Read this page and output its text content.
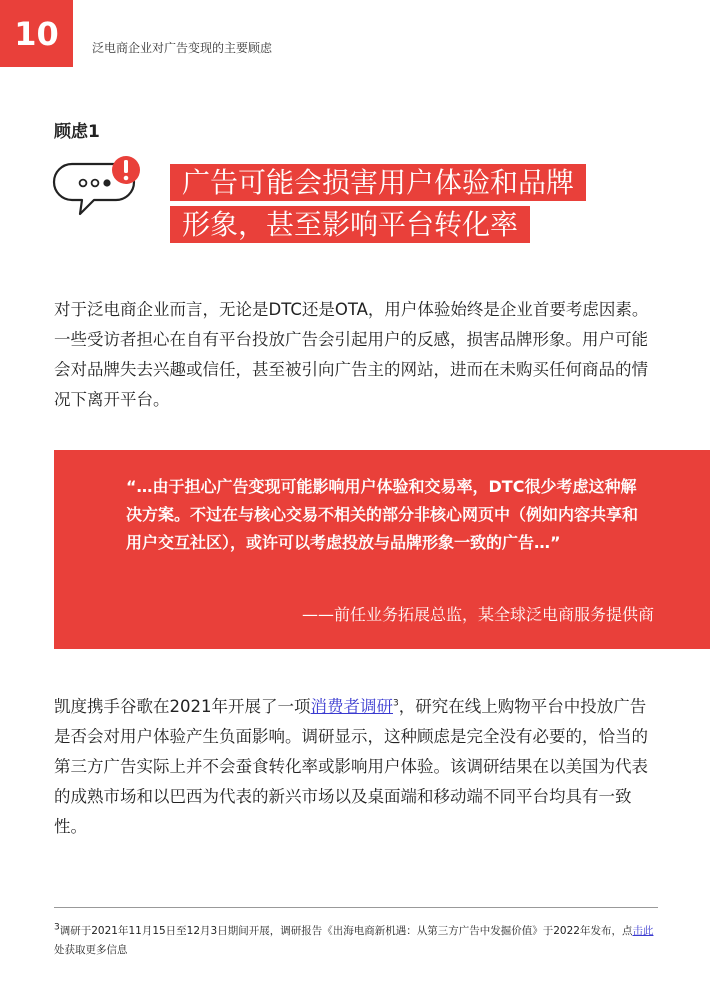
10	泛电商企业对广告变现的主要顾虑
顾虑1
广告可能会损害用户体验和品牌形象，甚至影响平台转化率

对于泛电商企业而言，无论是DTC还是OTA，用户体验始终是企业首要考虑因素。一些受访者担心在自有平台投放广告会引起用户的反感，损害品牌形象。用户可能会对品牌失去兴趣或信任，甚至被引向广告主的网站，进而在未购买任何商品的情况下离开平台。

“…由于担心广告变现可能影响用户体验和交易率，DTC很少考虑这种解决方案。不过在与核心交易不相关的部分非核心网页中（例如内容共享和用户交互社区），或许可以考虑投放与品牌形象一致的广告…”

——前任业务拓展总监，某全球泛电商服务提供商

凯度携手谷歌在2021年开展了一项消费者调研$^3$，研究在线上购物平台中投放广告是否会对用户体验产生负面影响。调研显示，这种顾虑是完全没有必要的，恰当的第三方广告实际上并不会蚕食转化率或影响用户体验。该调研结果在以美国为代表的成熟市场和以巴西为代表的新兴市场以及桌面端和移动端不同平台均具有一致性。

$^3$调研于2021年11月15日至12月3日期间开展，调研报告《出海电商新机遇：从第三方广告中发掘价值》于2022年发布，点击此处获取更多信息
